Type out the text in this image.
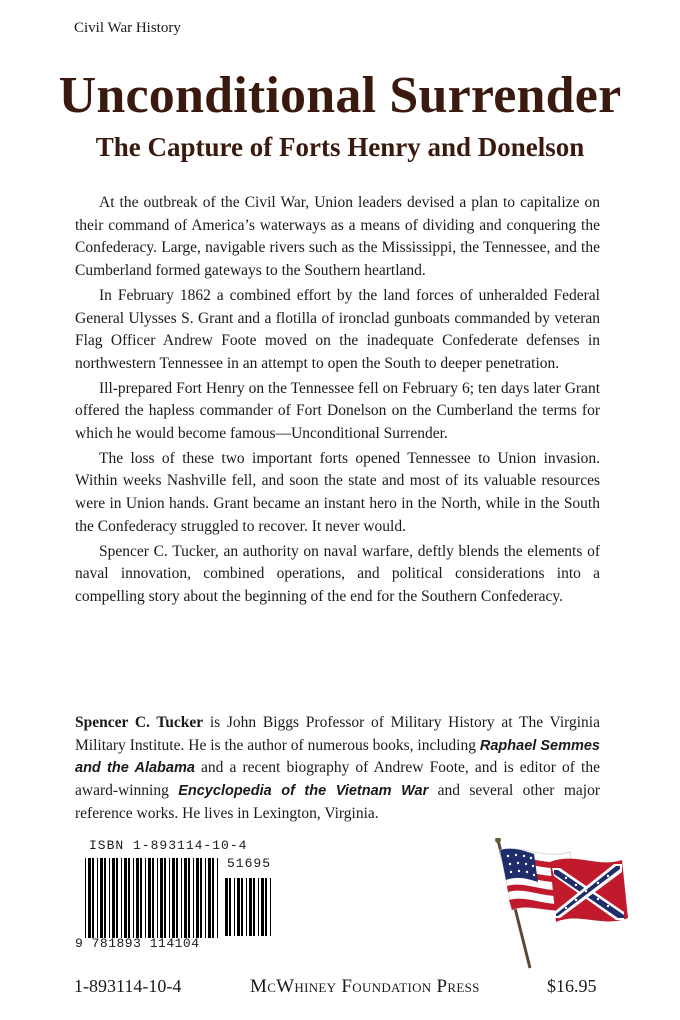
Civil War History
Unconditional Surrender
The Capture of Forts Henry and Donelson

At the outbreak of the Civil War, Union leaders devised a plan to capitalize on their command of America’s waterways as a means of dividing and conquering the Confederacy. Large, navigable rivers such as the Mississippi, the Tennessee, and the Cumberland formed gateways to the Southern heartland.

In February 1862 a combined effort by the land forces of unheralded Federal General Ulysses S. Grant and a flotilla of ironclad gunboats commanded by veteran Flag Officer Andrew Foote moved on the inadequate Confederate defenses in northwestern Tennessee in an attempt to open the South to deeper penetration.

Ill-prepared Fort Henry on the Tennessee fell on February 6; ten days later Grant offered the hapless commander of Fort Donelson on the Cumberland the terms for which he would become famous—Unconditional Surrender.

The loss of these two important forts opened Tennessee to Union invasion. Within weeks Nashville fell, and soon the state and most of its valuable resources were in Union hands. Grant became an instant hero in the North, while in the South the Confederacy struggled to recover. It never would.

Spencer C. Tucker, an authority on naval warfare, deftly blends the elements of naval innovation, combined operations, and political considerations into a compelling story about the beginning of the end for the Southern Confederacy.

Spencer C. Tucker is John Biggs Professor of Military History at The Virginia Military Institute. He is the author of numerous books, including Raphael Semmes and the Alabama and a recent biography of Andrew Foote, and is editor of the award-winning Encyclopedia of the Vietnam War and several other major reference works. He lives in Lexington, Virginia.

ISBN 1-893114-10-4
51695
9 781893 114104
1-893114-10-4	McWhiney Foundation Press	$16.95
